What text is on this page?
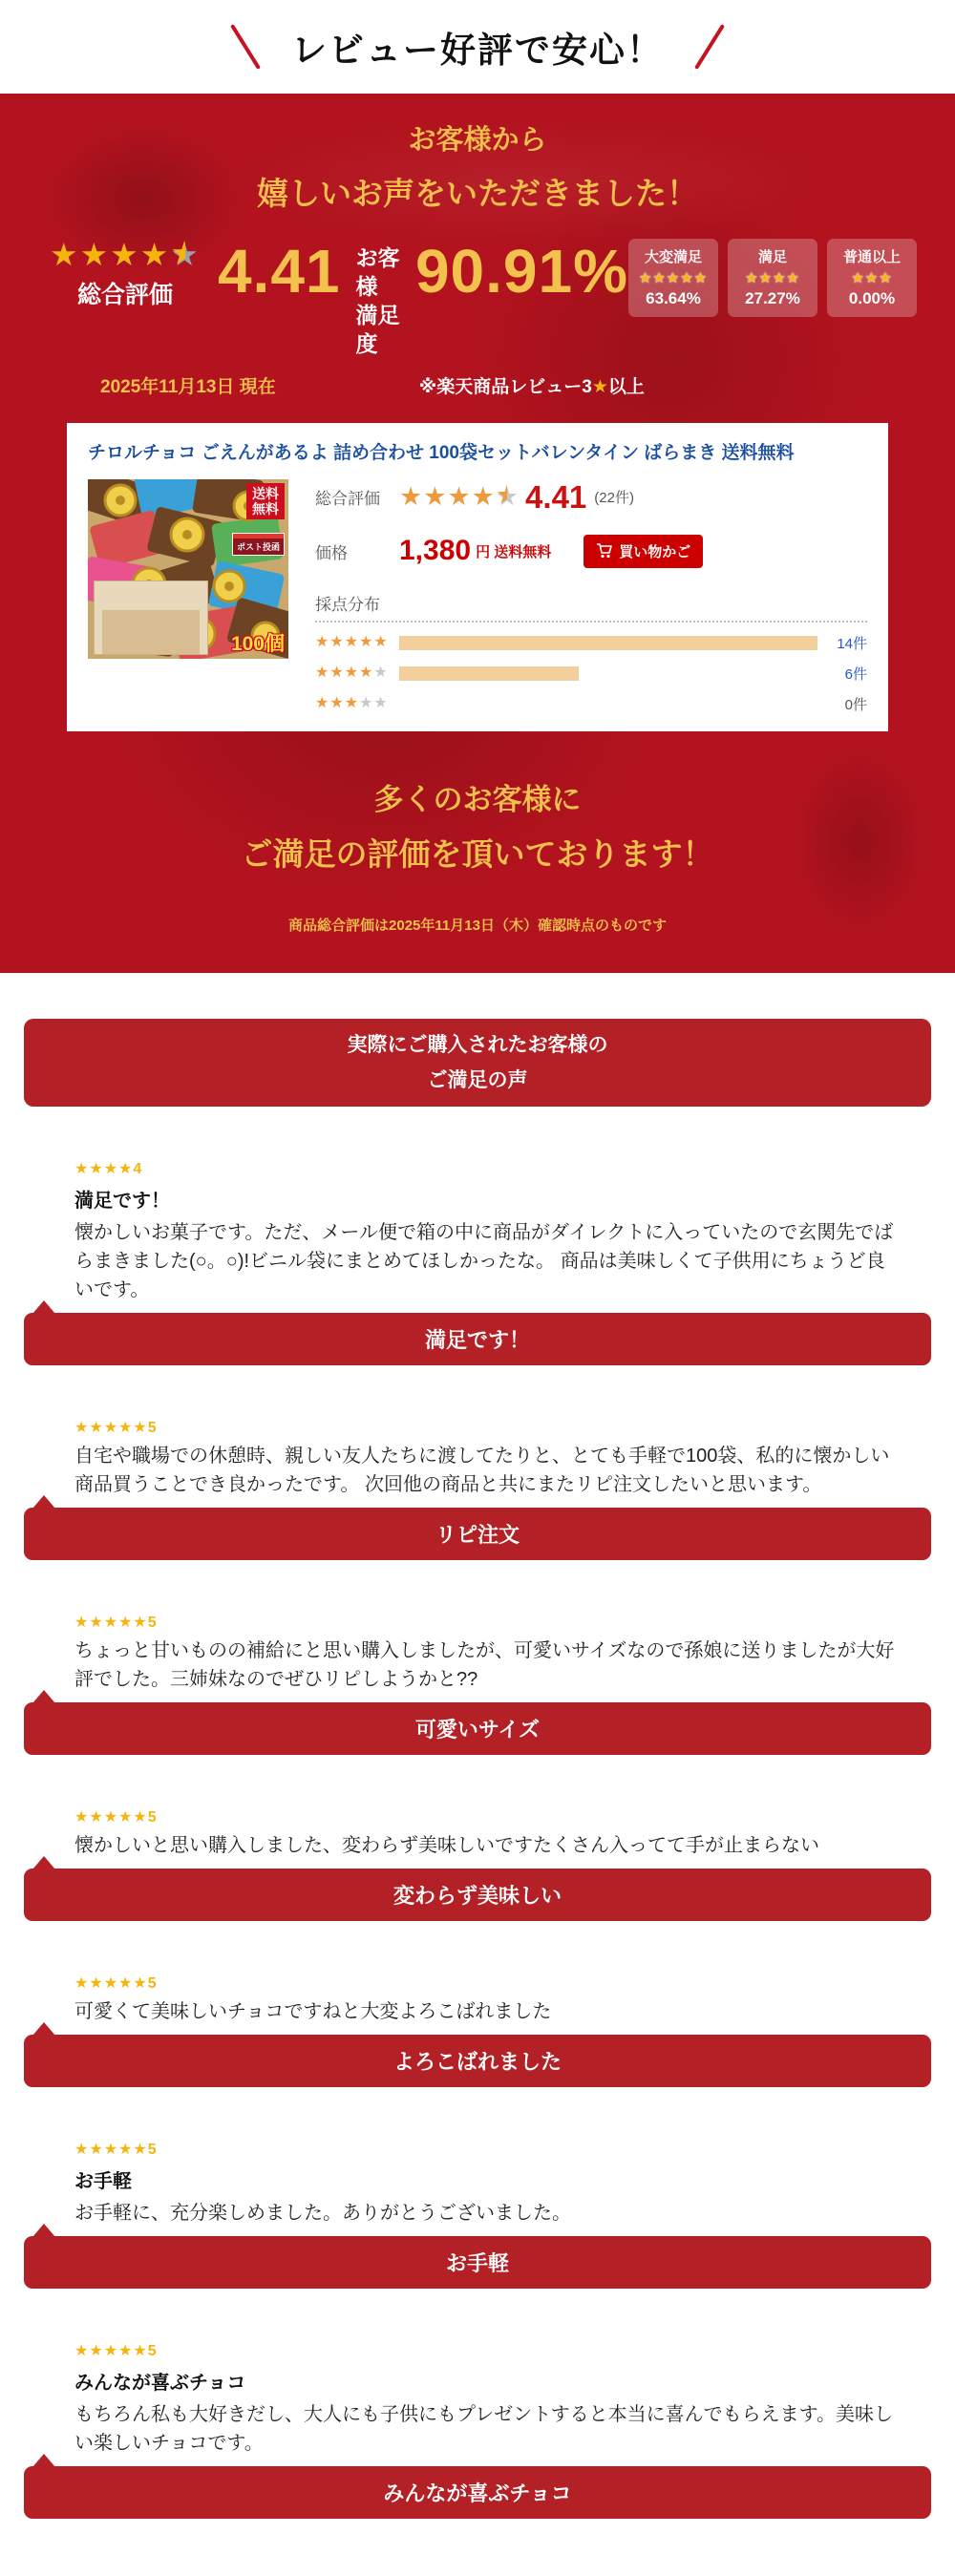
レビュー好評で安心！
お客様から
嬉しいお声をいただきました！
★★★★★ ★
総合評価 4.41 お客様
満足度
90.91%	大変満足
★★★★★
63.64%
満足
★★★★
27.27%
普通以上
★★★
0.00%
2025年11月13日 現在	※楽天商品レビュー3★以上
チロルチョコ ごえんがあるよ 詰め合わせ 100袋セットバレンタイン ばらまき 送料無料
送料
無料
ポスト投函
100個
総合評価 ★★★★★ ★ 4.41 (22件)
価格	1,380 円 送料無料	買い物かご
採点分布
★★★★★	14件
★★★★★	6件
★★★★★	0件
多くのお客様に
ご満足の評価を頂いております！
商品総合評価は2025年11月13日（木）確認時点のものです
実際にご購入されたお客様の
ご満足の声
★★★★4
満足です！
懐かしいお菓子です。ただ、メール便で箱の中に商品がダイレクトに入っていたので玄関先でばらまきました(○。○)!ビニル袋にまとめてほしかったな。 商品は美味しくて子供用にちょうど良いです。
満足です！
★★★★★5
自宅や職場での休憩時、親しい友人たちに渡してたりと、とても手軽で100袋、私的に懐かしい商品買うことでき良かったです。 次回他の商品と共にまたリピ注文したいと思います。
リピ注文
★★★★★5
ちょっと甘いものの補給にと思い購入しましたが、可愛いサイズなので孫娘に送りましたが大好評でした。三姉妹なのでぜひリピしようかと??
可愛いサイズ
★★★★★5
懐かしいと思い購入しました、変わらず美味しいですたくさん入ってて手が止まらない
変わらず美味しい
★★★★★5
可愛くて美味しいチョコですねと大変よろこばれました
よろこばれました
★★★★★5
お手軽
お手軽に、充分楽しめました。ありがとうございました。
お手軽
★★★★★5
みんなが喜ぶチョコ
もちろん私も大好きだし、大人にも子供にもプレゼントすると本当に喜んでもらえます。美味しい楽しいチョコです。
みんなが喜ぶチョコ
